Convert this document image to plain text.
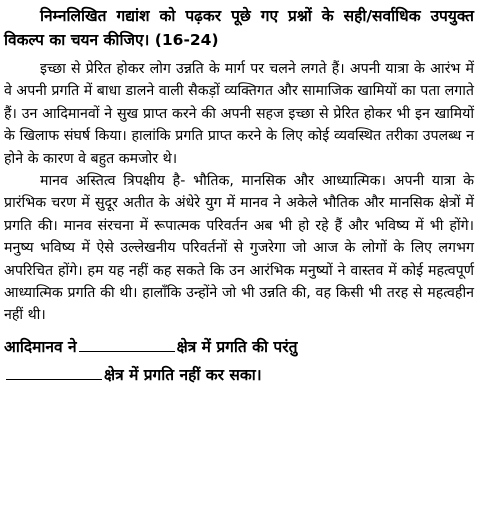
निम्नलिखित गद्यांश को पढ़कर पूछे गए प्रश्नों के सही/सर्वाधिक उपयुक्त विकल्प का चयन कीजिए। (16-24)

इच्छा से प्रेरित होकर लोग उन्नति के मार्ग पर चलने लगते हैं। अपनी यात्रा के आरंभ में वे अपनी प्रगति में बाधा डालने वाली सैकड़ों व्यक्तिगत और सामाजिक खामियों का पता लगाते हैं। उन आदिमानवों ने सुख प्राप्त करने की अपनी सहज इच्छा से प्रेरित होकर भी इन खामियों के खिलाफ संघर्ष किया। हालांकि प्रगति प्राप्त करने के लिए कोई व्यवस्थित तरीका उपलब्ध न होने के कारण वे बहुत कमजोर थे।

मानव अस्तित्व त्रिपक्षीय है- भौतिक, मानसिक और आध्यात्मिक। अपनी यात्रा के प्रारंभिक चरण में सुदूर अतीत के अंधेरे युग में मानव ने अकेले भौतिक और मानसिक क्षेत्रों में प्रगति की। मानव संरचना में रूपात्मक परिवर्तन अब भी हो रहे हैं और भविष्य में भी होंगे। मनुष्य भविष्य में ऐसे उल्लेखनीय परिवर्तनों से गुजरेगा जो आज के लोगों के लिए लगभग अपरिचित होंगे। हम यह नहीं कह सकते कि उन आरंभिक मनुष्यों ने वास्तव में कोई महत्वपूर्ण आध्यात्मिक प्रगति की थी। हालाँकि उन्होंने जो भी उन्नति की, वह किसी भी तरह से महत्वहीन नहीं थी।

आदिमानव ने	क्षेत्र में प्रगति की परंतु
क्षेत्र में प्रगति नहीं कर सका।
